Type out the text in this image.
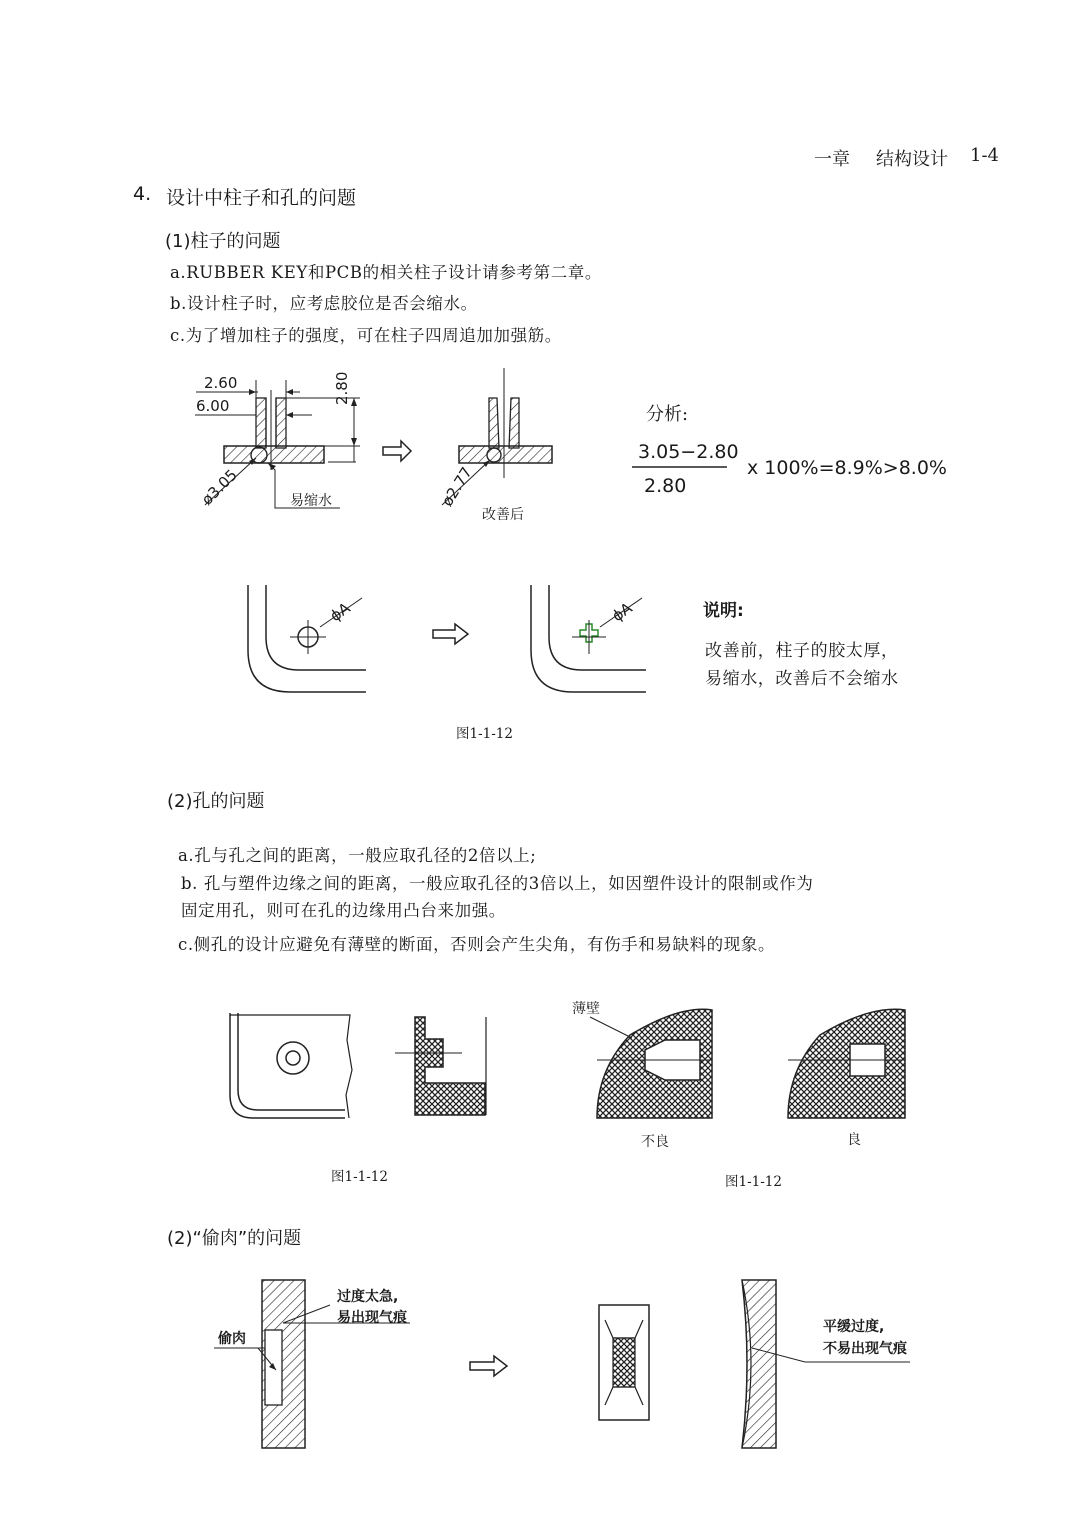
一章 结构设计 1-4
4. 设计中柱子和孔的问题
(1)柱子的问题
a.RUBBER KEY和PCB的相关柱子设计请参考第二章。
b.设计柱子时，应考虑胶位是否会缩水。
c.为了增加柱子的强度，可在柱子四周追加加强筋。
2.60
6.00
2.80
ø3.05	ø2.77
易缩水
改善后
分析:
3.05−2.80
2.80
x 100%=8.9%>8.0%
ϕA	ϕA	说明:
改善前，柱子的胶太厚，
易缩水，改善后不会缩水
图1-1-12
(2)孔的问题
a.孔与孔之间的距离，一般应取孔径的2倍以上;
b. 孔与塑件边缘之间的距离，一般应取孔径的3倍以上，如因塑件设计的限制或作为
固定用孔，则可在孔的边缘用凸台来加强。
c.侧孔的设计应避免有薄壁的断面，否则会产生尖角，有伤手和易缺料的现象。
薄壁
不良	良
图1-1-12	图1-1-12
(2)“偷肉”的问题
偷肉
过度太急,
易出现气痕
平缓过度,
不易出现气痕
